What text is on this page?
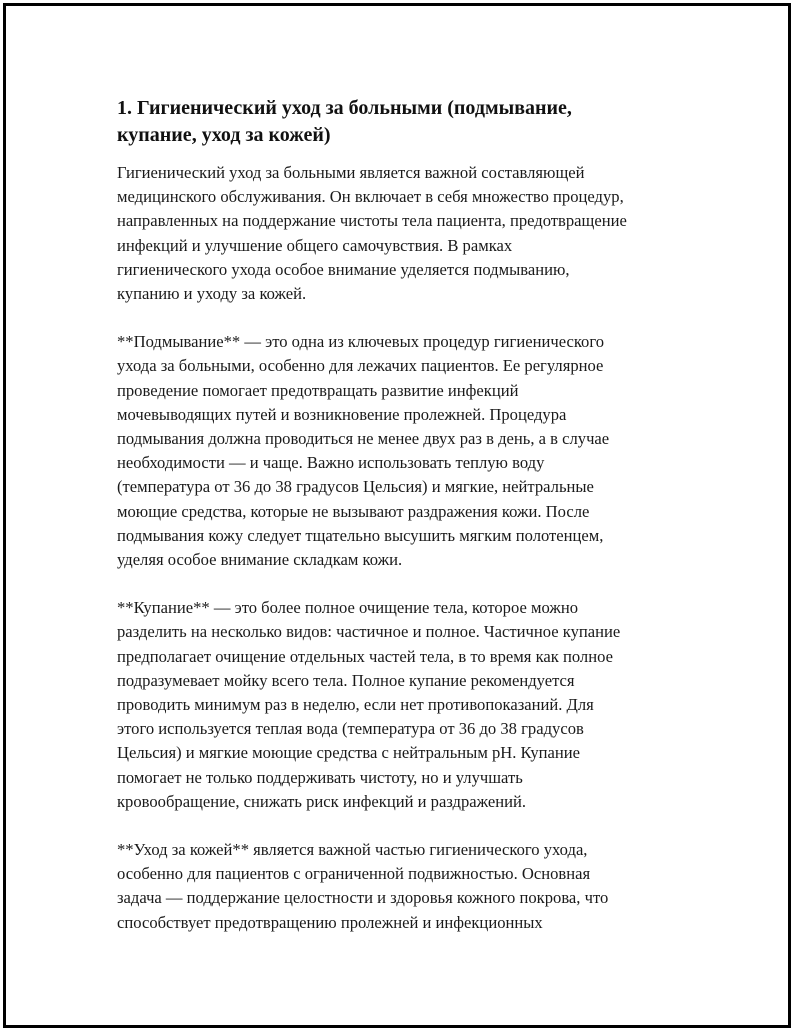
1. Гигиенический уход за больными (подмывание,
купание, уход за кожей)

Гигиенический уход за больными является важной составляющей
медицинского обслуживания. Он включает в себя множество процедур,
направленных на поддержание чистоты тела пациента, предотвращение
инфекций и улучшение общего самочувствия. В рамках
гигиенического ухода особое внимание уделяется подмыванию,
купанию и уходу за кожей.

**Подмывание** — это одна из ключевых процедур гигиенического
ухода за больными, особенно для лежачих пациентов. Ее регулярное
проведение помогает предотвращать развитие инфекций
мочевыводящих путей и возникновение пролежней. Процедура
подмывания должна проводиться не менее двух раз в день, а в случае
необходимости — и чаще. Важно использовать теплую воду
(температура от 36 до 38 градусов Цельсия) и мягкие, нейтральные
моющие средства, которые не вызывают раздражения кожи. После
подмывания кожу следует тщательно высушить мягким полотенцем,
уделяя особое внимание складкам кожи.

**Купание** — это более полное очищение тела, которое можно
разделить на несколько видов: частичное и полное. Частичное купание
предполагает очищение отдельных частей тела, в то время как полное
подразумевает мойку всего тела. Полное купание рекомендуется
проводить минимум раз в неделю, если нет противопоказаний. Для
этого используется теплая вода (температура от 36 до 38 градусов
Цельсия) и мягкие моющие средства с нейтральным pH. Купание
помогает не только поддерживать чистоту, но и улучшать
кровообращение, снижать риск инфекций и раздражений.

**Уход за кожей** является важной частью гигиенического ухода,
особенно для пациентов с ограниченной подвижностью. Основная
задача — поддержание целостности и здоровья кожного покрова, что
способствует предотвращению пролежней и инфекционных
